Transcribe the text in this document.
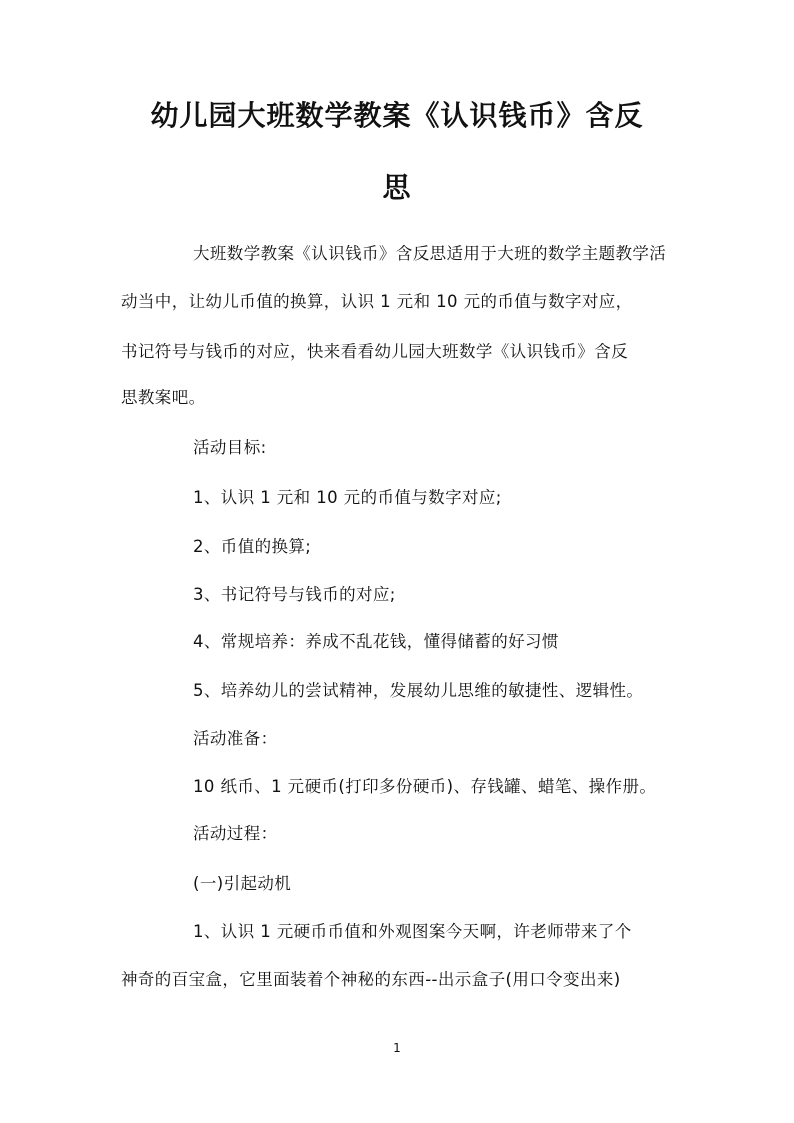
幼儿园大班数学教案《认识钱币》含反
思
大班数学教案《认识钱币》含反思适用于大班的数学主题教学活
动当中，让幼儿币值的换算，认识 1 元和 10 元的币值与数字对应，
书记符号与钱币的对应，快来看看幼儿园大班数学《认识钱币》含反
思教案吧。
活动目标:
1、认识 1 元和 10 元的币值与数字对应;
2、币值的换算;
3、书记符号与钱币的对应;
4、常规培养：养成不乱花钱，懂得储蓄的好习惯
5、培养幼儿的尝试精神，发展幼儿思维的敏捷性、逻辑性。
活动准备：
10 纸币、1 元硬币(打印多份硬币)、存钱罐、蜡笔、操作册。
活动过程：
(一)引起动机
1、认识 1 元硬币币值和外观图案今天啊，许老师带来了个
神奇的百宝盒，它里面装着个神秘的东西--出示盒子(用口令变出来)
1
